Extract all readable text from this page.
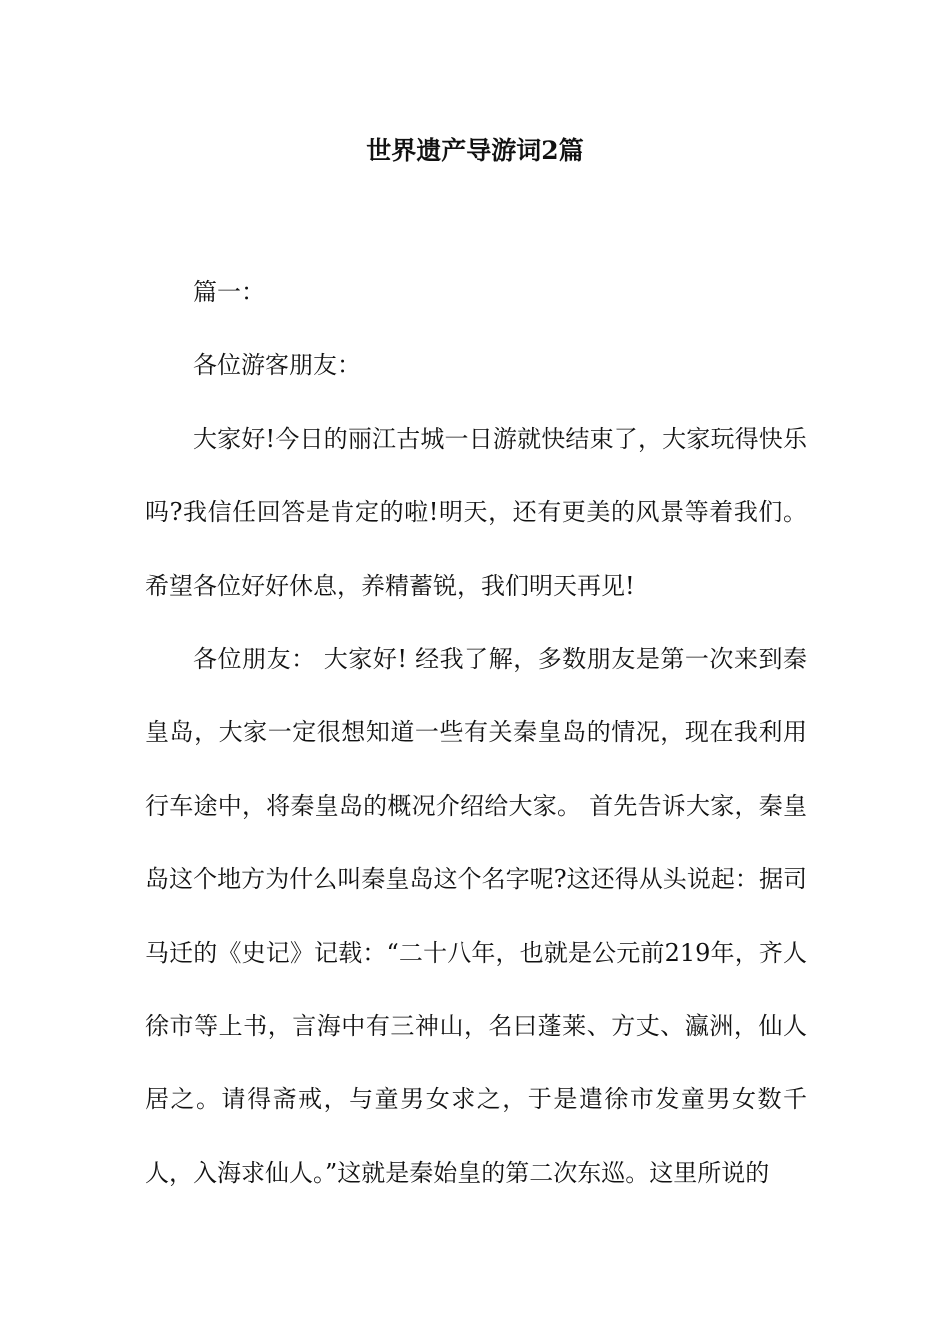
世界遗产导游词2篇

篇一：

各位游客朋友：

大家好!今日的丽江古城一日游就快结束了，大家玩得快乐吗?我信任回答是肯定的啦!明天，还有更美的风景等着我们。希望各位好好休息，养精蓄锐，我们明天再见!

各位朋友： 大家好! 经我了解，多数朋友是第一次来到秦皇岛，大家一定很想知道一些有关秦皇岛的情况，现在我利用行车途中，将秦皇岛的概况介绍给大家。 首先告诉大家，秦皇岛这个地方为什么叫秦皇岛这个名字呢?这还得从头说起：据司马迁的《史记》记载：“二十八年，也就是公元前219年，齐人徐市等上书，言海中有三神山，名曰蓬莱、方丈、瀛洲，仙人居之。请得斋戒，与童男女求之，于是遣徐市发童男女数千人，入海求仙人。”这就是秦始皇的第二次东巡。这里所说的
